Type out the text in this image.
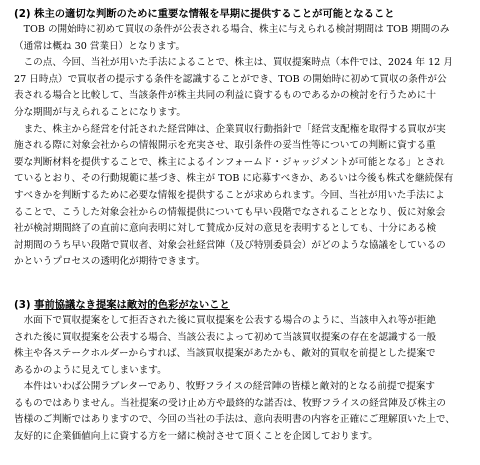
(2) 株主の適切な判断のために重要な情報を早期に提供することが可能となること

　TOB の開始時に初めて買収の条件が公表される場合、株主に与えられる検討期間は TOB 期間のみ

（通常は概ね 30 営業日）となります。

　この点、今回、当社が用いた手法によることで、株主は、買収提案時点（本件では、2024 年 12 月

27 日時点）で買収者の提示する条件を認識することができ、TOB の開始時に初めて買収の条件が公

表される場合と比較して、当該条件が株主共同の利益に資するものであるかの検討を行うために十

分な期間が与えられることになります。

　また、株主から経営を付託された経営陣は、企業買収行動指針で「経営支配権を取得する買収が実

施される際に対象会社からの情報開示を充実させ、取引条件の妥当性等についての判断に資する重

要な判断材料を提供することで、株主によるインフォームド・ジャッジメントが可能となる」とされ

ているとおり、その行動規範に基づき、株主が TOB に応募すべきか、あるいは今後も株式を継続保有

すべきかを判断するために必要な情報を提供することが求められます。今回、当社が用いた手法によ

ることで、こうした対象会社からの情報提供についても早い段階でなされることとなり、仮に対象会

社が検討期間終了の直前に意向表明に対して賛成か反対の意見を表明するとしても、十分にある検

討期間のうち早い段階で買収者、対象会社経営陣（及び特別委員会）がどのような協議をしているの

かというプロセスの透明化が期待できます。

(3) 事前協議なき提案は敵対的色彩がないこと

　水面下で買収提案をして拒否された後に買収提案を公表する場合のように、当該申入れ等が拒絶

された後に買収提案を公表する場合、当該公表によって初めて当該買収提案の存在を認識する一般

株主や各ステークホルダーからすれば、当該買収提案があたかも、敵対的買収を前提とした提案で

あるかのように見えてしまいます。

　本件はいわば公開ラブレターであり、牧野フライスの経営陣の皆様と敵対的となる前提で提案す

るものではありません。当社提案の受け止め方や最終的な諾否は、牧野フライスの経営陣及び株主の

皆様のご判断ではありますので、今回の当社の手法は、意向表明書の内容を正確にご理解頂いた上で、

友好的に企業価値向上に資する方を一緒に検討させて頂くことを企図しております。
